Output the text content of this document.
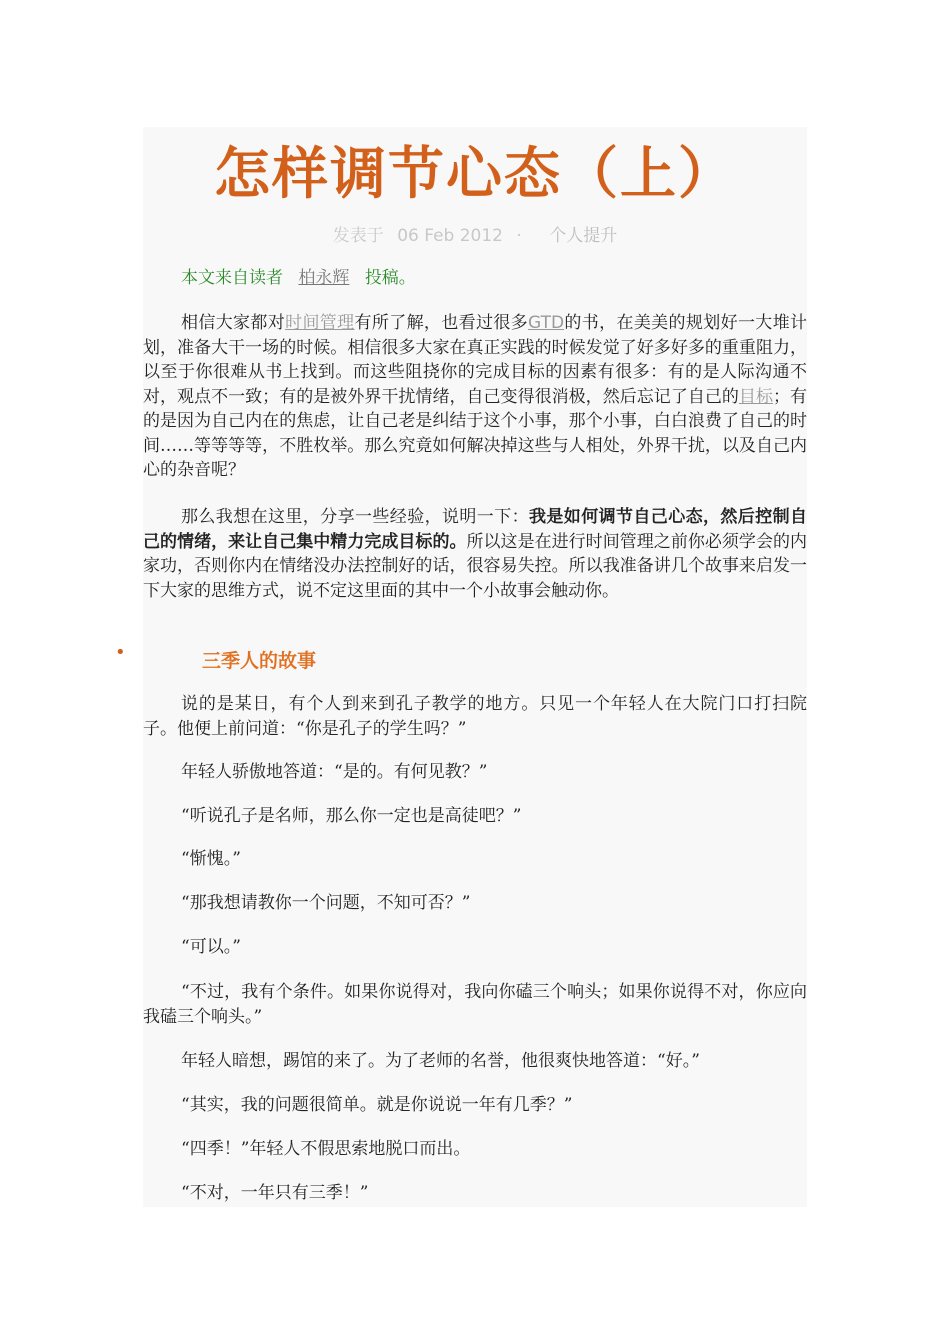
怎样调节心态（上）
发表于 06 Feb 2012 · 个人提升

本文来自读者 柏永辉 投稿。

相信大家都对时间管理有所了解，也看过很多GTD的书，在美美的规划好一大堆计划，准备大干一场的时候。相信很多大家在真正实践的时候发觉了好多好多的重重阻力，以至于你很难从书上找到。而这些阻挠你的完成目标的因素有很多：有的是人际沟通不对，观点不一致；有的是被外界干扰情绪，自己变得很消极，然后忘记了自己的目标；有的是因为自己内在的焦虑，让自己老是纠结于这个小事，那个小事，白白浪费了自己的时间……等等等等，不胜枚举。那么究竟如何解决掉这些与人相处，外界干扰，以及自己内心的杂音呢？

那么我想在这里，分享一些经验，说明一下：我是如何调节自己心态，然后控制自己的情绪，来让自己集中精力完成目标的。所以这是在进行时间管理之前你必须学会的内家功，否则你内在情绪没办法控制好的话，很容易失控。所以我准备讲几个故事来启发一下大家的思维方式，说不定这里面的其中一个小故事会触动你。

•	三季人的故事

说的是某日，有个人到来到孔子教学的地方。只见一个年轻人在大院门口打扫院子。他便上前问道：“你是孔子的学生吗？”

年轻人骄傲地答道：“是的。有何见教？”

“听说孔子是名师，那么你一定也是高徒吧？”

“惭愧。”

“那我想请教你一个问题，不知可否？”

“可以。”

“不过，我有个条件。如果你说得对，我向你磕三个响头；如果你说得不对，你应向我磕三个响头。”

年轻人暗想，踢馆的来了。为了老师的名誉，他很爽快地答道：“好。”

“其实，我的问题很简单。就是你说说一年有几季？”

“四季！”年轻人不假思索地脱口而出。

“不对，一年只有三季！”
